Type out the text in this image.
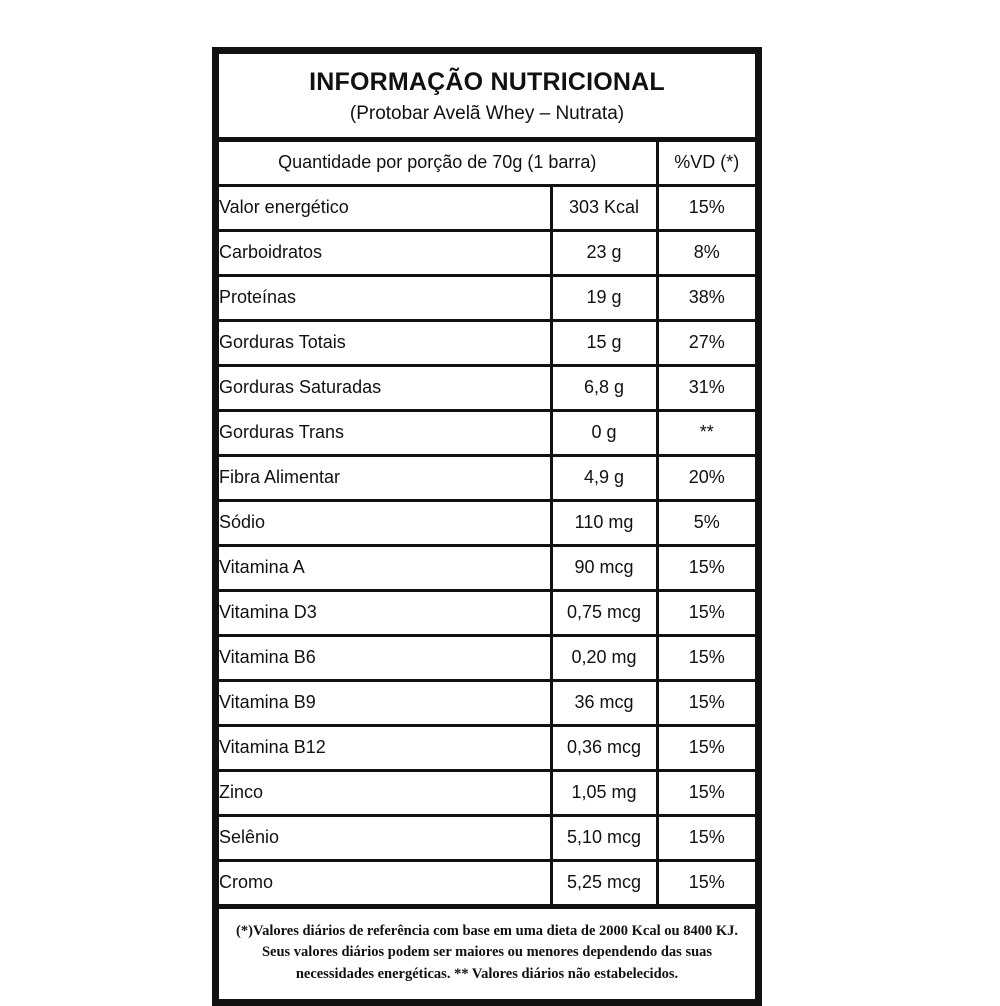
INFORMAÇÃO NUTRICIONAL
(Protobar Avelã Whey – Nutrata)
Quantidade por porção de 70g (1 barra)		%VD (*)
Valor energético	303 Kcal	15%
Carboidratos	23 g	8%
Proteínas	19 g	38%
Gorduras Totais	15 g	27%
Gorduras Saturadas	6,8 g	31%
Gorduras Trans	0 g	**
Fibra Alimentar	4,9 g	20%
Sódio	110 mg	5%
Vitamina A	90 mcg	15%
Vitamina D3	0,75 mcg	15%
Vitamina B6	0,20 mg	15%
Vitamina B9	36 mcg	15%
Vitamina B12	0,36 mcg	15%
Zinco	1,05 mg	15%
Selênio	5,10 mcg	15%
Cromo	5,25 mcg	15%
(*)Valores diários de referência com base em uma dieta de 2000 Kcal ou 8400 KJ. Seus valores diários podem ser maiores ou menores dependendo das suas necessidades energéticas. ** Valores diários não estabelecidos.
